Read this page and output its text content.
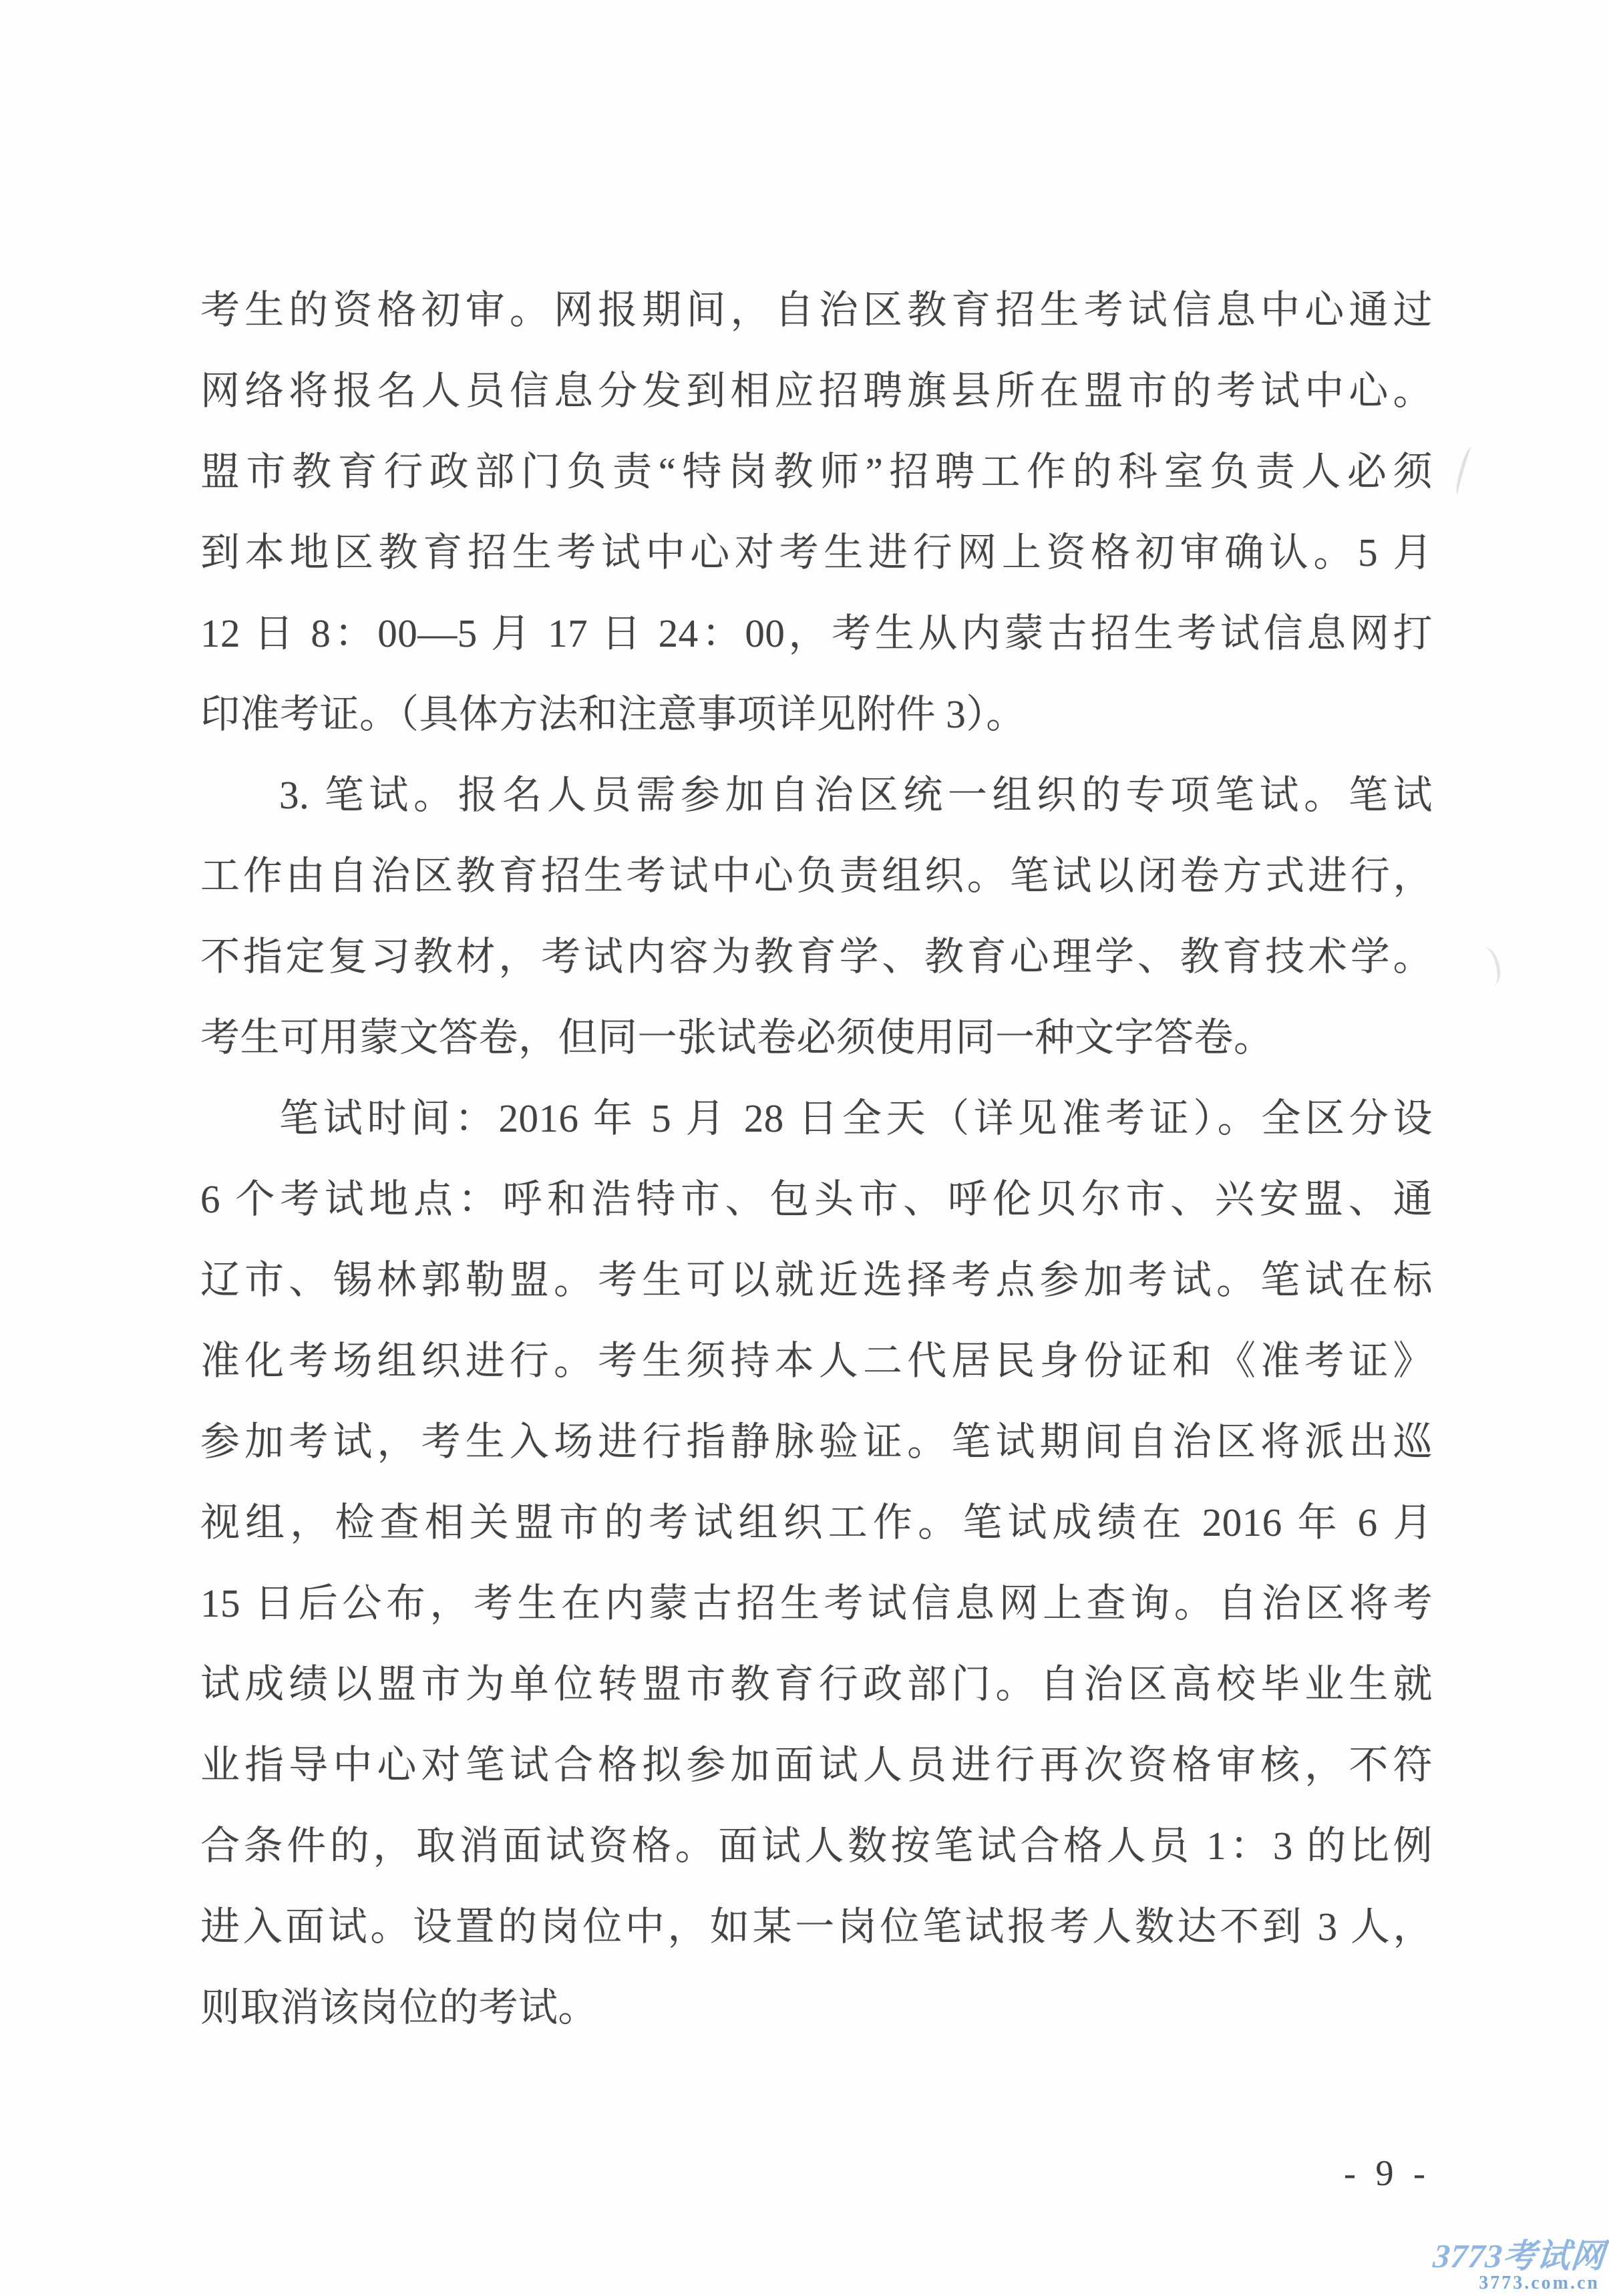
考生的资格初审。网报期间，自治区教育招生考试信息中心通过
网络将报名人员信息分发到相应招聘旗县所在盟市的考试中心。
盟市教育行政部门负责“特岗教师”招聘工作的科室负责人必须
到本地区教育招生考试中心对考生进行网上资格初审确认。5 月
12 日 8：00—5 月 17 日 24：00，考生从内蒙古招生考试信息网打
印准考证。（具体方法和注意事项详见附件 3）。
3. 笔试。报名人员需参加自治区统一组织的专项笔试。笔试
工作由自治区教育招生考试中心负责组织。笔试以闭卷方式进行，
不指定复习教材，考试内容为教育学、教育心理学、教育技术学。
考生可用蒙文答卷，但同一张试卷必须使用同一种文字答卷。
笔试时间：2016 年 5 月 28 日全天（详见准考证）。全区分设
6 个考试地点：呼和浩特市、包头市、呼伦贝尔市、兴安盟、通
辽市、锡林郭勒盟。考生可以就近选择考点参加考试。笔试在标
准化考场组织进行。考生须持本人二代居民身份证和《准考证》
参加考试，考生入场进行指静脉验证。笔试期间自治区将派出巡
视组，检查相关盟市的考试组织工作。笔试成绩在 2016 年 6 月
15 日后公布，考生在内蒙古招生考试信息网上查询。自治区将考
试成绩以盟市为单位转盟市教育行政部门。自治区高校毕业生就
业指导中心对笔试合格拟参加面试人员进行再次资格审核，不符
合条件的，取消面试资格。面试人数按笔试合格人员 1：3 的比例
进入面试。设置的岗位中，如某一岗位笔试报考人数达不到 3 人，
则取消该岗位的考试。
- 9 -
3773考试网
3773.com.cn
